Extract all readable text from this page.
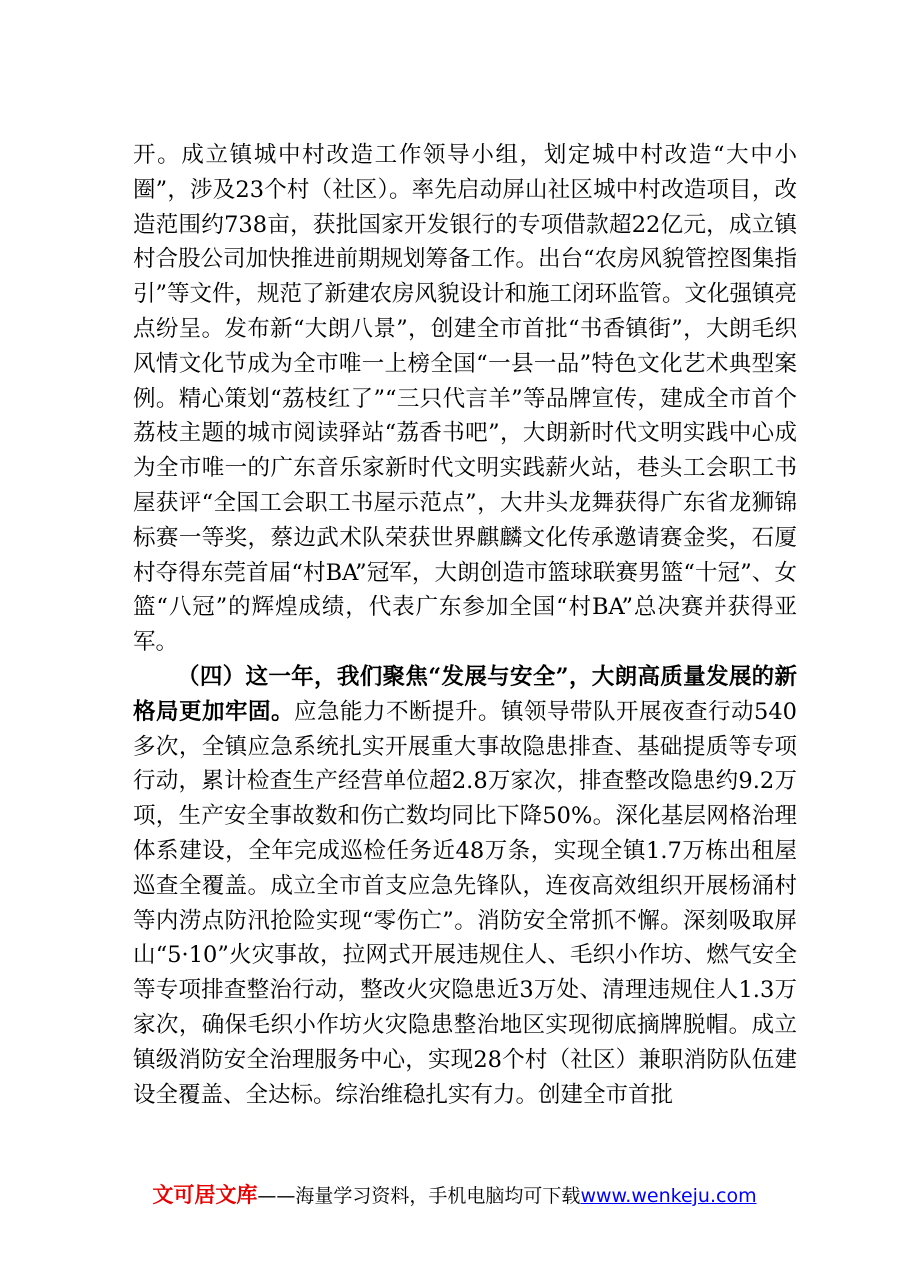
开。成立镇城中村改造工作领导小组，划定城中村改造“大中小圈”，涉及23个村（社区）。率先启动屏山社区城中村改造项目，改造范围约738亩，获批国家开发银行的专项借款超22亿元，成立镇村合股公司加快推进前期规划筹备工作。出台“农房风貌管控图集指引”等文件，规范了新建农房风貌设计和施工闭环监管。文化强镇亮点纷呈。发布新“大朗八景”，创建全市首批“书香镇街”，大朗毛织风情文化节成为全市唯一上榜全国“一县一品”特色文化艺术典型案例。精心策划“荔枝红了”“三只代言羊”等品牌宣传，建成全市首个荔枝主题的城市阅读驿站“荔香书吧”，大朗新时代文明实践中心成为全市唯一的广东音乐家新时代文明实践薪火站，巷头工会职工书屋获评“全国工会职工书屋示范点”，大井头龙舞获得广东省龙狮锦标赛一等奖，蔡边武术队荣获世界麒麟文化传承邀请赛金奖，石厦村夺得东莞首届“村BA”冠军，大朗创造市篮球联赛男篮“十冠”、女篮“八冠”的辉煌成绩，代表广东参加全国“村BA”总决赛并获得亚军。

（四）这一年，我们聚焦“发展与安全”，大朗高质量发展的新格局更加牢固。应急能力不断提升。镇领导带队开展夜查行动540多次，全镇应急系统扎实开展重大事故隐患排查、基础提质等专项行动，累计检查生产经营单位超2.8万家次，排查整改隐患约9.2万项，生产安全事故数和伤亡数均同比下降50%。深化基层网格治理体系建设，全年完成巡检任务近48万条，实现全镇1.7万栋出租屋巡查全覆盖。成立全市首支应急先锋队，连夜高效组织开展杨涌村等内涝点防汛抢险实现“零伤亡”。消防安全常抓不懈。深刻吸取屏山“5·10”火灾事故，拉网式开展违规住人、毛织小作坊、燃气安全等专项排查整治行动，整改火灾隐患近3万处、清理违规住人1.3万家次，确保毛织小作坊火灾隐患整治地区实现彻底摘牌脱帽。成立镇级消防安全治理服务中心，实现28个村（社区）兼职消防队伍建设全覆盖、全达标。综治维稳扎实有力。创建全市首批

文可居文库——海量学习资料，手机电脑均可下载www.wenkeju.com
